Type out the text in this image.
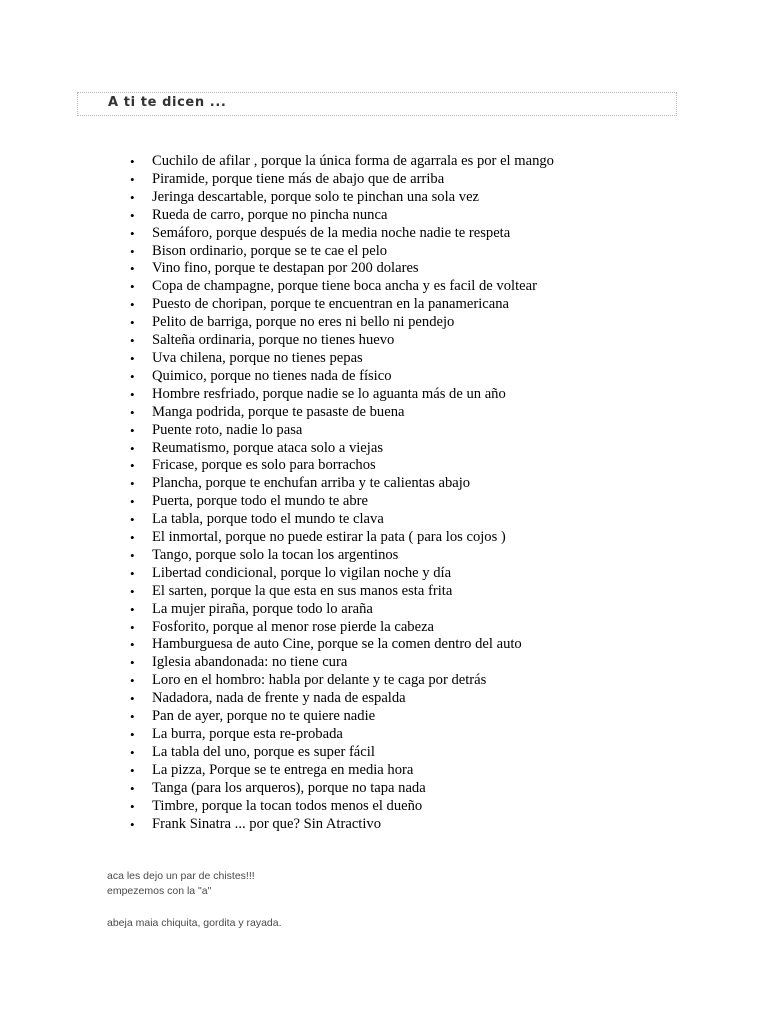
A ti te dicen ...
• Cuchilo de afilar , porque la única forma de agarrala es por el mango
• Piramide, porque tiene más de abajo que de arriba
• Jeringa descartable, porque solo te pinchan una sola vez
• Rueda de carro, porque no pincha nunca
• Semáforo, porque después de la media noche nadie te respeta
• Bison ordinario, porque se te cae el pelo
• Vino fino, porque te destapan por 200 dolares
• Copa de champagne, porque tiene boca ancha y es facil de voltear
• Puesto de choripan, porque te encuentran en la panamericana
• Pelito de barriga, porque no eres ni bello ni pendejo
• Salteña ordinaria, porque no tienes huevo
• Uva chilena, porque no tienes pepas
• Quimico, porque no tienes nada de físico
• Hombre resfriado, porque nadie se lo aguanta más de un año
• Manga podrida, porque te pasaste de buena
• Puente roto, nadie lo pasa
• Reumatismo, porque ataca solo a viejas
• Fricase, porque es solo para borrachos
• Plancha, porque te enchufan arriba y te calientas abajo
• Puerta, porque todo el mundo te abre
• La tabla, porque todo el mundo te clava
• El inmortal, porque no puede estirar la pata ( para los cojos )
• Tango, porque solo la tocan los argentinos
• Libertad condicional, porque lo vigilan noche y día
• El sarten, porque la que esta en sus manos esta frita
• La mujer piraña, porque todo lo araña
• Fosforito, porque al menor rose pierde la cabeza
• Hamburguesa de auto Cine, porque se la comen dentro del auto
• Iglesia abandonada: no tiene cura
• Loro en el hombro: habla por delante y te caga por detrás
• Nadadora, nada de frente y nada de espalda
• Pan de ayer, porque no te quiere nadie
• La burra, porque esta re-probada
• La tabla del uno, porque es super fácil
• La pizza, Porque se te entrega en media hora
• Tanga (para los arqueros), porque no tapa nada
• Timbre, porque la tocan todos menos el dueño
• Frank Sinatra ... por que? Sin Atractivo
aca les dejo un par de chistes!!!
empezemos con la "a"
abeja maia chiquita, gordita y rayada.
